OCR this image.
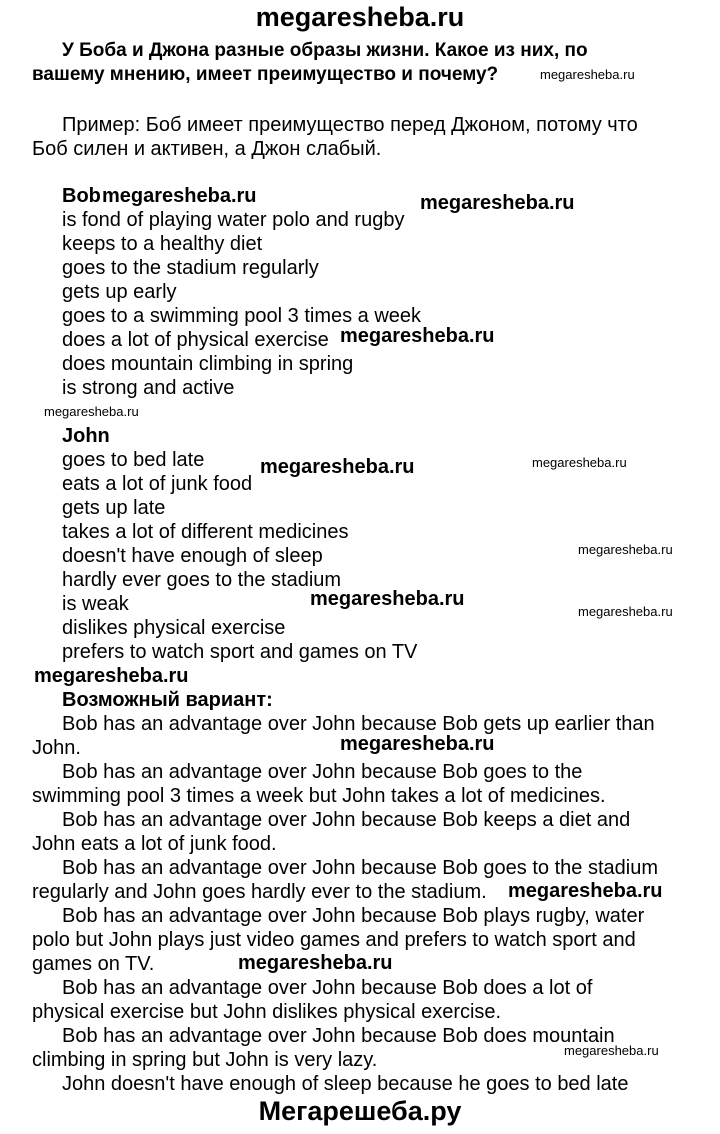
megaresheba.ru
Мегарешеба.ру
У Боба и Джона разные образы жизни. Какое из них, по
вашему мнению, имеет преимущество и почему?
Пример: Боб имеет преимущество перед Джоном, потому что
Боб силен и активен, а Джон слабый.
Bob
is fond of playing water polo and rugby
keeps to a healthy diet
goes to the stadium regularly
gets up early
goes to a swimming pool 3 times a week
does a lot of physical exercise
does mountain climbing in spring
is strong and active
John
goes to bed late
eats a lot of junk food
gets up late
takes a lot of different medicines
doesn't have enough of sleep
hardly ever goes to the stadium
is weak
dislikes physical exercise
prefers to watch sport and games on TV
Возможный вариант:
Bob has an advantage over John because Bob gets up earlier than
John.
Bob has an advantage over John because Bob goes to the
swimming pool 3 times a week but John takes a lot of medicines.
Bob has an advantage over John because Bob keeps a diet and
John eats a lot of junk food.
Bob has an advantage over John because Bob goes to the stadium
regularly and John goes hardly ever to the stadium.
Bob has an advantage over John because Bob plays rugby, water
polo but John plays just video games and prefers to watch sport and
games on TV.
Bob has an advantage over John because Bob does a lot of
physical exercise but John dislikes physical exercise.
Bob has an advantage over John because Bob does mountain
climbing in spring but John is very lazy.
John doesn't have enough of sleep because he goes to bed late
megaresheba.ru
megaresheba.ru	megaresheba.ru
megaresheba.ru
megaresheba.ru
megaresheba.ru	megaresheba.ru
megaresheba.ru
megaresheba.ru
megaresheba.ru
megaresheba.ru
megaresheba.ru
megaresheba.ru
megaresheba.ru
megaresheba.ru
